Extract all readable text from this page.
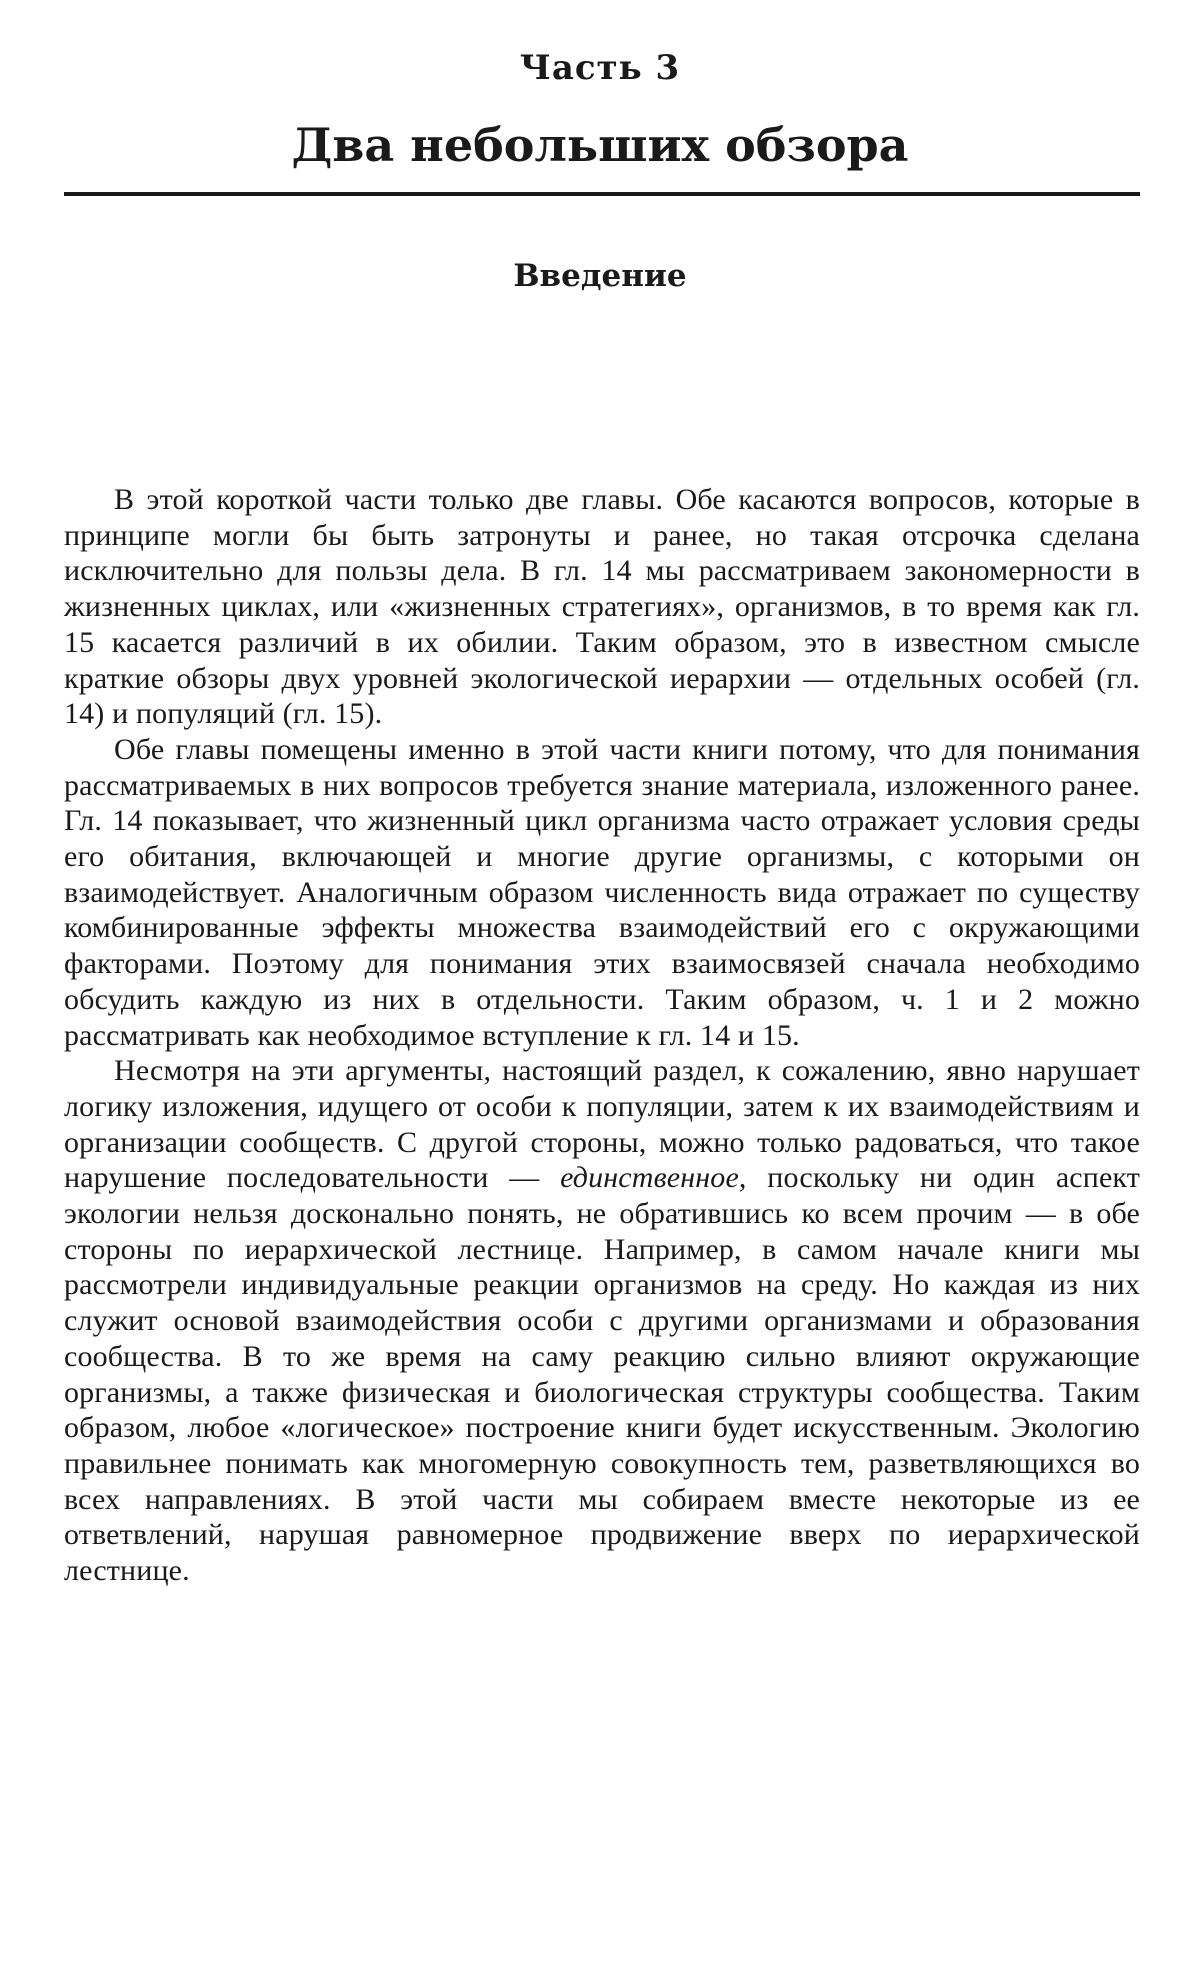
Часть 3
Два небольших обзора
Введение

В этой короткой части только две главы. Обе касаются вопросов, которые в принципе могли бы быть затронуты и ранее, но такая отсрочка сделана исключительно для пользы дела. В гл. 14 мы рассматриваем закономерности в жизненных циклах, или «жизненных стратегиях», организмов, в то время как гл. 15 касается различий в их обилии. Таким образом, это в известном смысле краткие обзоры двух уровней экологической иерархии — отдельных особей (гл. 14) и популяций (гл. 15).

Обе главы помещены именно в этой части книги потому, что для понимания рассматриваемых в них вопросов требуется знание материала, изложенного ранее. Гл. 14 показывает, что жизненный цикл организма часто отражает условия среды его обитания, включающей и многие другие организмы, с которыми он взаимодействует. Аналогичным образом численность вида отражает по существу комбинированные эффекты множества взаимодействий его с окружающими факторами. Поэтому для понимания этих взаимосвязей сначала необходимо обсудить каждую из них в отдельности. Таким образом, ч. 1 и 2 можно рассматривать как необходимое вступление к гл. 14 и 15.

Несмотря на эти аргументы, настоящий раздел, к сожалению, явно нарушает логику изложения, идущего от особи к популяции, затем к их взаимодействиям и организации сообществ. С другой стороны, можно только радоваться, что такое нарушение последовательности — единственное, поскольку ни один аспект экологии нельзя досконально понять, не обратившись ко всем прочим — в обе стороны по иерархической лестнице. Например, в самом начале книги мы рассмотрели индивидуальные реакции организмов на среду. Но каждая из них служит основой взаимодействия особи с другими организмами и образования сообщества. В то же время на саму реакцию сильно влияют окружающие организмы, а также физическая и биологическая структуры сообщества. Таким образом, любое «логическое» построение книги будет искусственным. Экологию правильнее понимать как многомерную совокупность тем, разветвляющихся во всех направлениях. В этой части мы собираем вместе некоторые из ее ответвлений, нарушая равномерное продвижение вверх по иерархической лестнице.
